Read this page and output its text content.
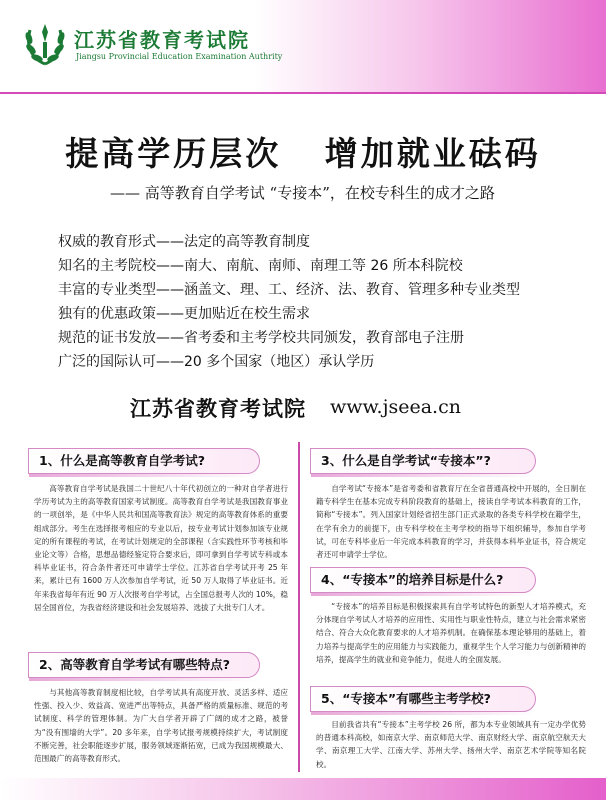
江苏省教育考试院
Jiangsu Provincial Education Examination Authrity
提高学历层次   增加就业砝码
—— 高等教育自学考试 “专接本”，在校专科生的成才之路
权威的教育形式——法定的高等教育制度
知名的主考院校——南大、南航、南师、南理工等 26 所本科院校
丰富的专业类型——涵盖文、理、工、经济、法、教育、管理多种专业类型
独有的优惠政策——更加贴近在校生需求
规范的证书发放——省考委和主考学校共同颁发，教育部电子注册
广泛的国际认可——20 多个国家（地区）承认学历
江苏省教育考试院 www.jseea.cn
1、什么是高等教育自学考试?
高等教育自学考试是我国二十世纪八十年代初创立的一种对自学者进行学历考试为主的高等教育国家考试制度。高等教育自学考试是我国教育事业的一项创举，是《中华人民共和国高等教育法》规定的高等教育体系的重要组成部分。考生在选择报考相应的专业以后，按专业考试计划参加该专业规定的所有课程的考试，在考试计划规定的全部课程（含实践性环节考核和毕业论文等）合格，思想品德经鉴定符合要求后，即可拿到自学考试专科或本科毕业证书，符合条件者还可申请学士学位。江苏省自学考试开考 25 年来，累计已有 1600 万人次参加自学考试，近 50 万人取得了毕业证书。近年来我省每年有近 90 万人次报考自学考试，占全国总报考人次的 10%，稳居全国首位，为我省经济建设和社会发展培养、选拔了大批专门人才。
2、高等教育自学考试有哪些特点?
与其他高等教育制度相比较，自学考试具有高度开放、灵活多样、适应性强、投入少、效益高、宽进严出等特点，具备严格的质量标准、规范的考试制度、科学的管理体制。为广大自学者开辟了广阔的成才之路，被誉为“没有围墙的大学”。20 多年来，自学考试报考规模持续扩大，考试制度不断完善，社会职能逐步扩展，服务领域逐渐拓宽，已成为我国规模最大、范围最广的高等教育形式。
3、什么是自学考试“专接本”?
自学考试“专接本”是省考委和省教育厅在全省普通高校中开展的，全日制在籍专科学生在基本完成专科阶段教育的基础上，接读自学考试本科教育的工作，简称“专接本”。列入国家计划经省招生部门正式录取的各类专科学校在籍学生，在学有余力的前提下，由专科学校在主考学校的指导下组织辅导，参加自学考试，可在专科毕业后一年完成本科教育的学习，并获得本科毕业证书，符合规定者还可申请学士学位。
4、“专接本”的培养目标是什么?
“专接本”的培养目标是积极探索具有自学考试特色的新型人才培养模式，充分体现自学考试人才培养的应用性、实用性与职业性特点，建立与社会需求紧密结合、符合大众化教育要求的人才培养机制。在确保基本理论够用的基础上，着力培养与提高学生的应用能力与实践能力，重视学生个人学习能力与创新精神的培养，提高学生的就业和竞争能力，促进人的全面发展。
5、“专接本”有哪些主考学校?
目前我省共有“专接本”主考学校 26 所，都为本专业领域具有一定办学优势的普通本科高校，如南京大学、南京师范大学、南京财经大学、南京航空航天大学、南京理工大学、江南大学、苏州大学、扬州大学、南京艺术学院等知名院校。
